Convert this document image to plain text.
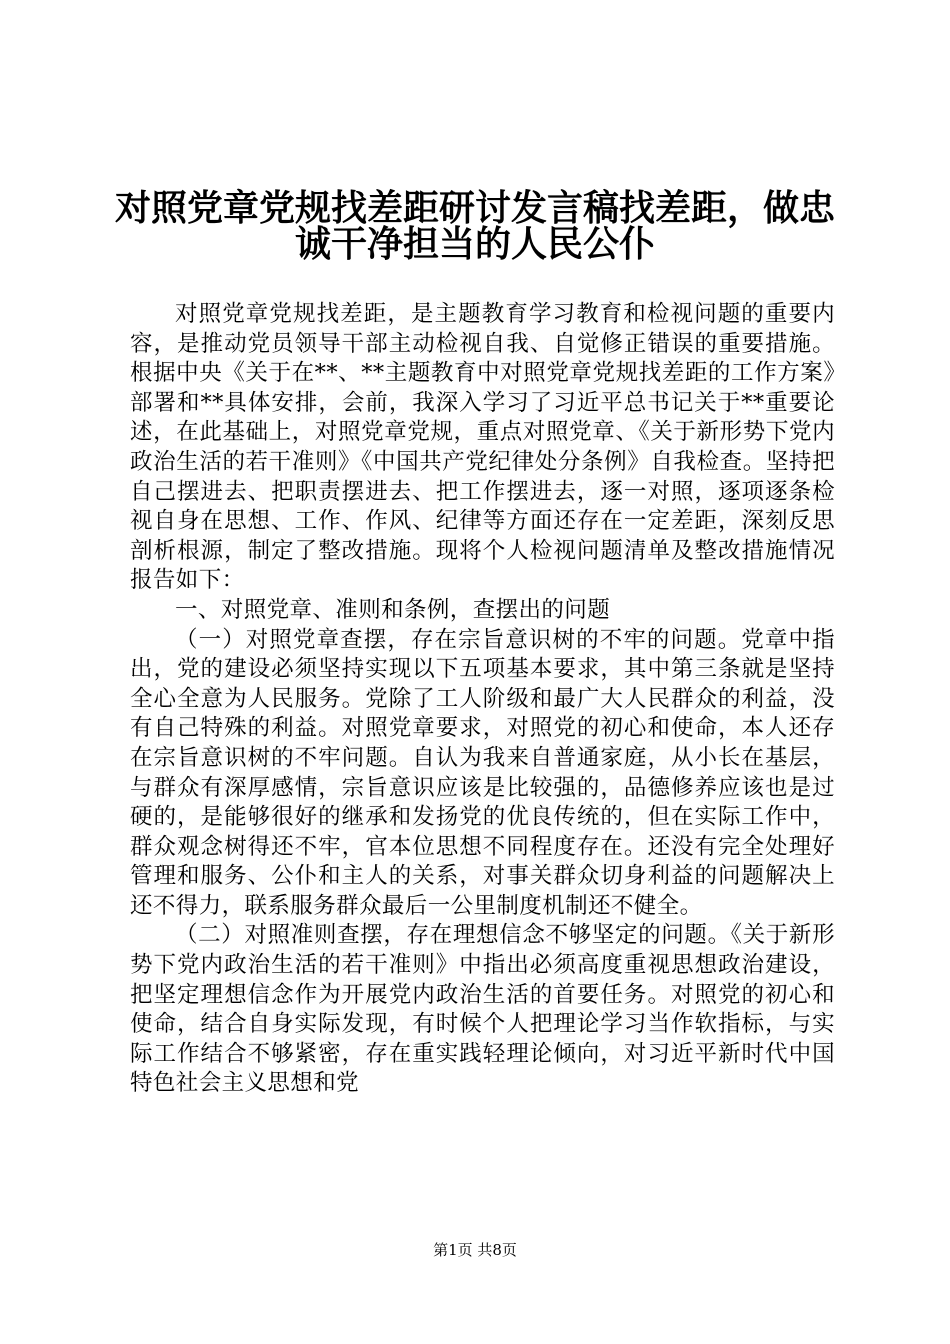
对照党章党规找差距研讨发言稿找差距，做忠
诚干净担当的人民公仆

对照党章党规找差距，是主题教育学习教育和检视问题的重要内容，是推动党员领导干部主动检视自我、自觉修正错误的重要措施。根据中央《关于在**、**主题教育中对照党章党规找差距的工作方案》部署和**具体安排，会前，我深入学习了习近平总书记关于**重要论述，在此基础上，对照党章党规，重点对照党章、《关于新形势下党内政治生活的若干准则》《中国共产党纪律处分条例》自我检查。坚持把自己摆进去、把职责摆进去、把工作摆进去，逐一对照，逐项逐条检视自身在思想、工作、作风、纪律等方面还存在一定差距，深刻反思剖析根源，制定了整改措施。现将个人检视问题清单及整改措施情况报告如下：

一、对照党章、准则和条例，查摆出的问题

（一）对照党章查摆，存在宗旨意识树的不牢的问题。党章中指出，党的建设必须坚持实现以下五项基本要求，其中第三条就是坚持全心全意为人民服务。党除了工人阶级和最广大人民群众的利益，没有自己特殊的利益。对照党章要求，对照党的初心和使命，本人还存在宗旨意识树的不牢问题。自认为我来自普通家庭，从小长在基层，与群众有深厚感情，宗旨意识应该是比较强的，品德修养应该也是过硬的，是能够很好的继承和发扬党的优良传统的，但在实际工作中，群众观念树得还不牢，官本位思想不同程度存在。还没有完全处理好管理和服务、公仆和主人的关系，对事关群众切身利益的问题解决上还不得力，联系服务群众最后一公里制度机制还不健全。

（二）对照准则查摆，存在理想信念不够坚定的问题。《关于新形势下党内政治生活的若干准则》中指出必须高度重视思想政治建设，把坚定理想信念作为开展党内政治生活的首要任务。对照党的初心和使命，结合自身实际发现，有时候个人把理论学习当作软指标，与实际工作结合不够紧密，存在重实践轻理论倾向，对习近平新时代中国特色社会主义思想和党

第1页 共8页
